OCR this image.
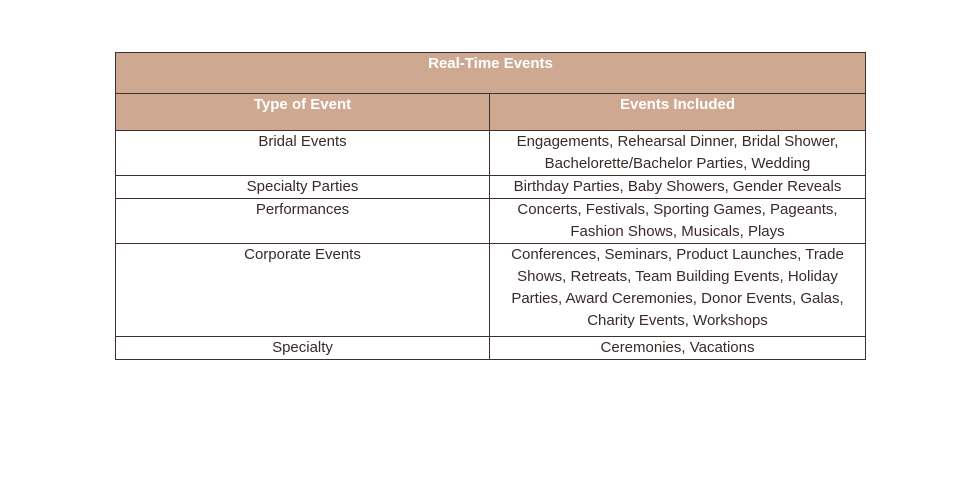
Real-Time Events	
Type of Event	Events Included
Bridal Events	Engagements, Rehearsal Dinner, Bridal Shower, Bachelorette/Bachelor Parties, Wedding
Specialty Parties	Birthday Parties, Baby Showers, Gender Reveals
Performances	Concerts, Festivals, Sporting Games, Pageants, Fashion Shows, Musicals, Plays
Corporate Events	Conferences, Seminars, Product Launches, Trade Shows, Retreats, Team Building Events, Holiday Parties, Award Ceremonies, Donor Events, Galas, Charity Events, Workshops
Specialty	Ceremonies, Vacations
